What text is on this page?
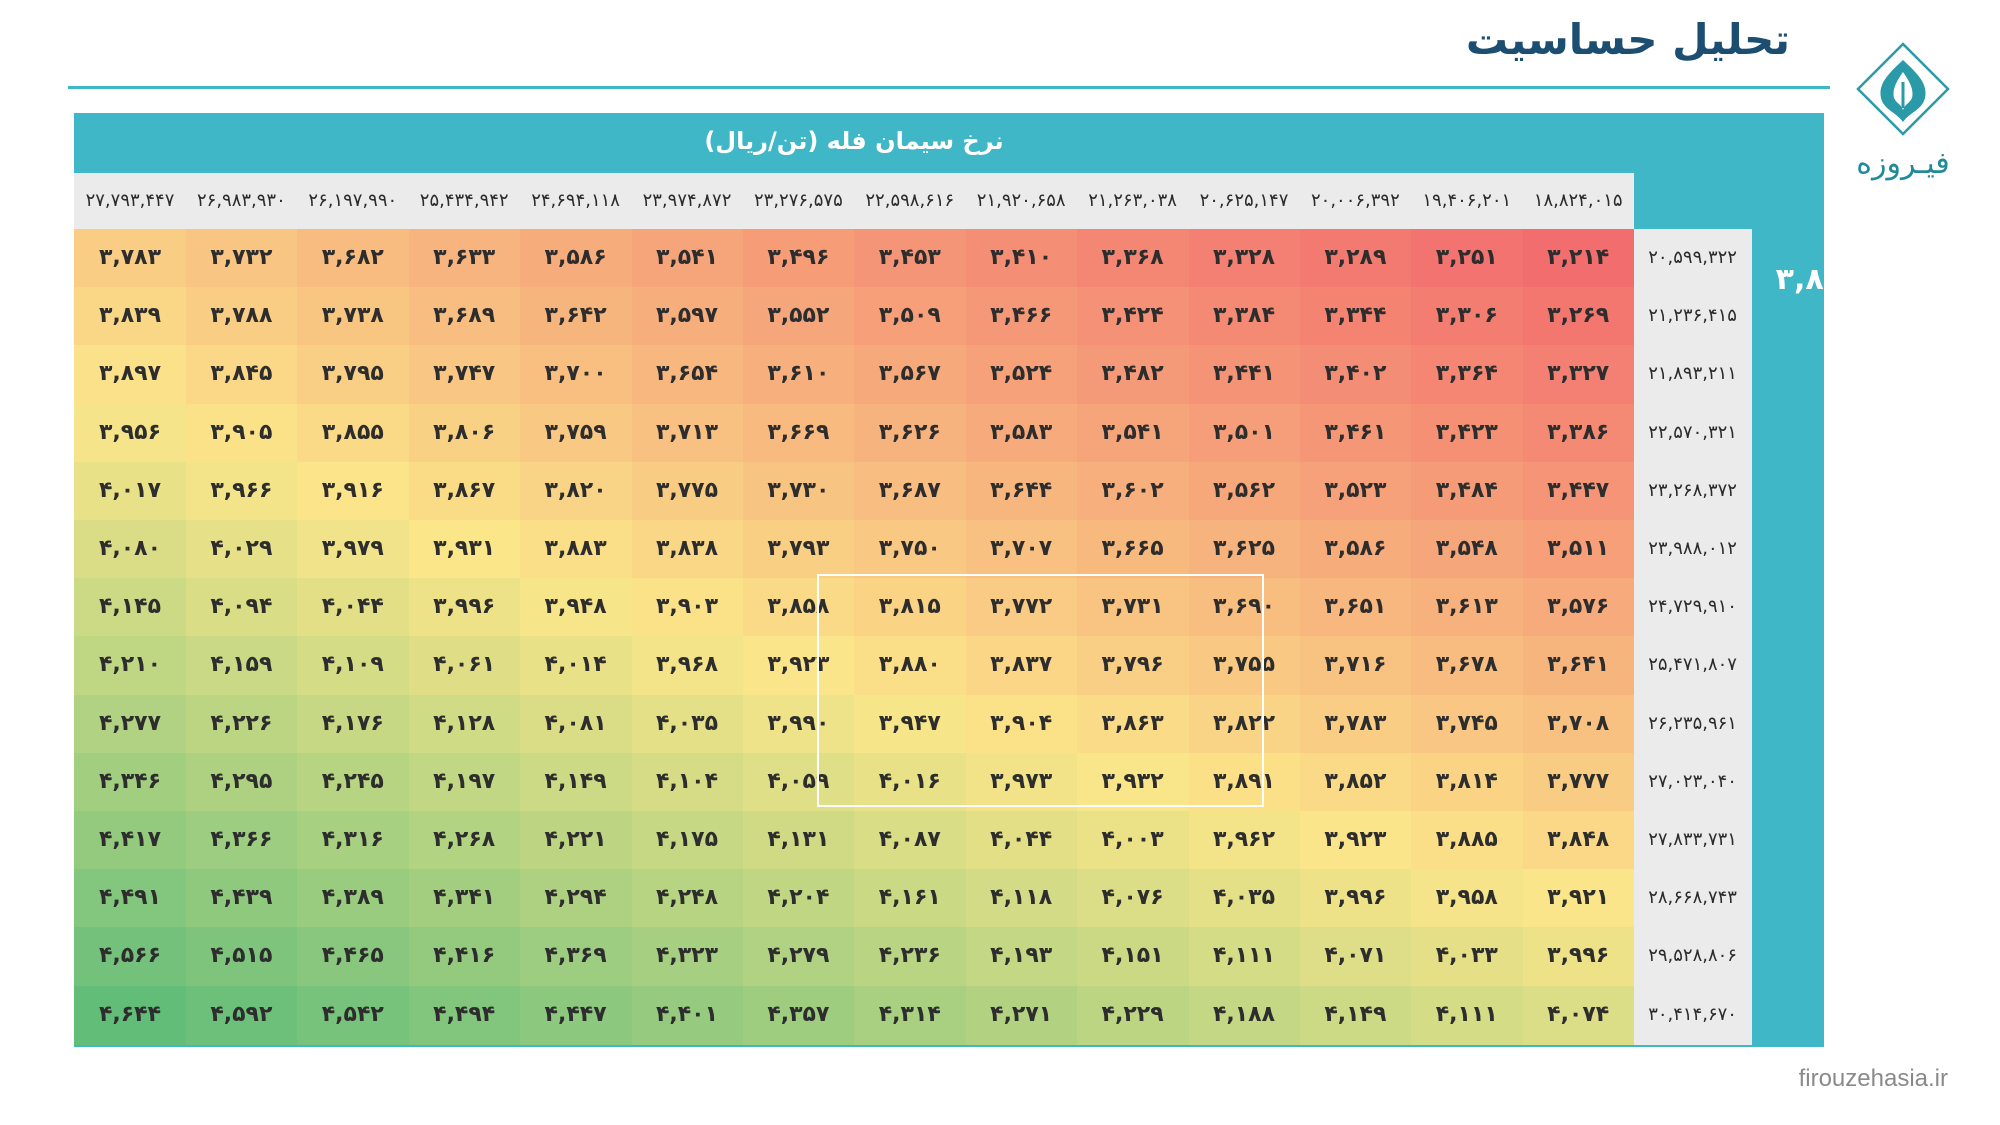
تحلیل حساسیت
فیـروزه
نرخ سیمان فله (تن/ریال)
نرخ سیمان پاکتی (تن/ریال)
۳,۸۱۵
۱۸,۸۲۴,۰۱۵
۱۹,۴۰۶,۲۰۱
۲۰,۰۰۶,۳۹۲
۲۰,۶۲۵,۱۴۷
۲۱,۲۶۳,۰۳۸
۲۱,۹۲۰,۶۵۸
۲۲,۵۹۸,۶۱۶
۲۳,۲۷۶,۵۷۵
۲۳,۹۷۴,۸۷۲
۲۴,۶۹۴,۱۱۸
۲۵,۴۳۴,۹۴۲
۲۶,۱۹۷,۹۹۰
۲۶,۹۸۳,۹۳۰
۲۷,۷۹۳,۴۴۷
۲۰,۵۹۹,۳۲۲
۳,۲۱۴
۳,۲۵۱
۳,۲۸۹
۳,۳۲۸
۳,۳۶۸
۳,۴۱۰
۳,۴۵۳
۳,۴۹۶
۳,۵۴۱
۳,۵۸۶
۳,۶۳۳
۳,۶۸۲
۳,۷۳۲
۳,۷۸۳
۲۱,۲۳۶,۴۱۵
۳,۲۶۹
۳,۳۰۶
۳,۳۴۴
۳,۳۸۴
۳,۴۲۴
۳,۴۶۶
۳,۵۰۹
۳,۵۵۲
۳,۵۹۷
۳,۶۴۲
۳,۶۸۹
۳,۷۳۸
۳,۷۸۸
۳,۸۳۹
۲۱,۸۹۳,۲۱۱
۳,۳۲۷
۳,۳۶۴
۳,۴۰۲
۳,۴۴۱
۳,۴۸۲
۳,۵۲۴
۳,۵۶۷
۳,۶۱۰
۳,۶۵۴
۳,۷۰۰
۳,۷۴۷
۳,۷۹۵
۳,۸۴۵
۳,۸۹۷
۲۲,۵۷۰,۳۲۱
۳,۳۸۶
۳,۴۲۳
۳,۴۶۱
۳,۵۰۱
۳,۵۴۱
۳,۵۸۳
۳,۶۲۶
۳,۶۶۹
۳,۷۱۳
۳,۷۵۹
۳,۸۰۶
۳,۸۵۵
۳,۹۰۵
۳,۹۵۶
۲۳,۲۶۸,۳۷۲
۳,۴۴۷
۳,۴۸۴
۳,۵۲۳
۳,۵۶۲
۳,۶۰۲
۳,۶۴۴
۳,۶۸۷
۳,۷۳۰
۳,۷۷۵
۳,۸۲۰
۳,۸۶۷
۳,۹۱۶
۳,۹۶۶
۴,۰۱۷
۲۳,۹۸۸,۰۱۲
۳,۵۱۱
۳,۵۴۸
۳,۵۸۶
۳,۶۲۵
۳,۶۶۵
۳,۷۰۷
۳,۷۵۰
۳,۷۹۳
۳,۸۳۸
۳,۸۸۳
۳,۹۳۱
۳,۹۷۹
۴,۰۲۹
۴,۰۸۰
۲۴,۷۲۹,۹۱۰
۳,۵۷۶
۳,۶۱۳
۳,۶۵۱
۳,۶۹۰
۳,۷۳۱
۳,۷۷۲
۳,۸۱۵
۳,۸۵۸
۳,۹۰۳
۳,۹۴۸
۳,۹۹۶
۴,۰۴۴
۴,۰۹۴
۴,۱۴۵
۲۵,۴۷۱,۸۰۷
۳,۶۴۱
۳,۶۷۸
۳,۷۱۶
۳,۷۵۵
۳,۷۹۶
۳,۸۳۷
۳,۸۸۰
۳,۹۲۳
۳,۹۶۸
۴,۰۱۴
۴,۰۶۱
۴,۱۰۹
۴,۱۵۹
۴,۲۱۰
۲۶,۲۳۵,۹۶۱
۳,۷۰۸
۳,۷۴۵
۳,۷۸۳
۳,۸۲۲
۳,۸۶۳
۳,۹۰۴
۳,۹۴۷
۳,۹۹۰
۴,۰۳۵
۴,۰۸۱
۴,۱۲۸
۴,۱۷۶
۴,۲۲۶
۴,۲۷۷
۲۷,۰۲۳,۰۴۰
۳,۷۷۷
۳,۸۱۴
۳,۸۵۲
۳,۸۹۱
۳,۹۳۲
۳,۹۷۳
۴,۰۱۶
۴,۰۵۹
۴,۱۰۴
۴,۱۴۹
۴,۱۹۷
۴,۲۴۵
۴,۲۹۵
۴,۳۴۶
۲۷,۸۳۳,۷۳۱
۳,۸۴۸
۳,۸۸۵
۳,۹۲۳
۳,۹۶۲
۴,۰۰۳
۴,۰۴۴
۴,۰۸۷
۴,۱۳۱
۴,۱۷۵
۴,۲۲۱
۴,۲۶۸
۴,۳۱۶
۴,۳۶۶
۴,۴۱۷
۲۸,۶۶۸,۷۴۳
۳,۹۲۱
۳,۹۵۸
۳,۹۹۶
۴,۰۳۵
۴,۰۷۶
۴,۱۱۸
۴,۱۶۱
۴,۲۰۴
۴,۲۴۸
۴,۲۹۴
۴,۳۴۱
۴,۳۸۹
۴,۴۳۹
۴,۴۹۱
۲۹,۵۲۸,۸۰۶
۳,۹۹۶
۴,۰۳۳
۴,۰۷۱
۴,۱۱۱
۴,۱۵۱
۴,۱۹۳
۴,۲۳۶
۴,۲۷۹
۴,۳۲۳
۴,۳۶۹
۴,۴۱۶
۴,۴۶۵
۴,۵۱۵
۴,۵۶۶
۳۰,۴۱۴,۶۷۰
۴,۰۷۴
۴,۱۱۱
۴,۱۴۹
۴,۱۸۸
۴,۲۲۹
۴,۲۷۱
۴,۳۱۴
۴,۳۵۷
۴,۴۰۱
۴,۴۴۷
۴,۴۹۴
۴,۵۴۲
۴,۵۹۲
۴,۶۴۴
firouzehasia.ir
